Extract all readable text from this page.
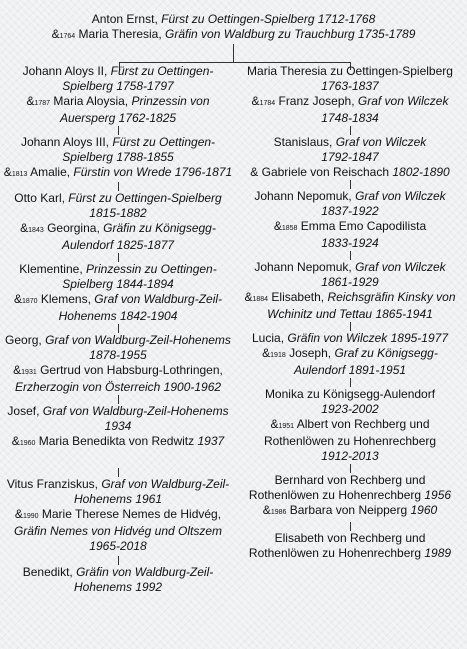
Anton Ernst, Fürst zu Oettingen-Spielberg 1712-1768
&1764 Maria Theresia, Gräfin von Waldburg zu Trauchburg 1735-1789
Johann Aloys II, Fürst zu Oettingen-
Spielberg 1758-1797
&1787 Maria Aloysia, Prinzessin von
Auersperg 1762-1825
Johann Aloys III, Fürst zu Oettingen-
Spielberg 1788-1855
&1813 Amalie, Fürstin von Wrede 1796-1871
Otto Karl, Fürst zu Oettingen-Spielberg
1815-1882
&1843 Georgina, Gräfin zu Königsegg-
Aulendorf 1825-1877
Klementine, Prinzessin zu Oettingen-
Spielberg 1844-1894
&1870 Klemens, Graf von Waldburg-Zeil-
Hohenems 1842-1904
Georg, Graf von Waldburg-Zeil-Hohenems
1878-1955
&1931 Gertrud von Habsburg-Lothringen,
Erzherzogin von Österreich 1900-1962
Josef, Graf von Waldburg-Zeil-Hohenems
1934
&1960 Maria Benedikta von Redwitz 1937
Vitus Franziskus, Graf von Waldburg-Zeil-
Hohenems 1961
&1990 Marie Therese Nemes de Hidvég,
Gräfin Nemes von Hidvég und Oltszem
1965-2018
Benedikt, Gräfin von Waldburg-Zeil-
Hohenems 1992
Maria Theresia zu Oettingen-Spielberg
1763-1837
&1784 Franz Joseph, Graf von Wilczek
1748-1834
Stanislaus, Graf von Wilczek
1792-1847
& Gabriele von Reischach 1802-1890
Johann Nepomuk, Graf von Wilczek
1837-1922
&1858 Emma Emo Capodilista
1833-1924
Johann Nepomuk, Graf von Wilczek
1861-1929
&1884 Elisabeth, Reichsgräfin Kinsky von
Wchinitz und Tettau 1865-1941
Lucia, Gräfin von Wilczek 1895-1977
&1918 Joseph, Graf zu Königsegg-
Aulendorf 1891-1951
Monika zu Königsegg-Aulendorf
1923-2002
&1951 Albert von Rechberg und
Rothenlöwen zu Hohenrechberg
1912-2013
Bernhard von Rechberg und
Rothenlöwen zu Hohenrechberg 1956
&1986 Barbara von Neipperg 1960
Elisabeth von Rechberg und
Rothenlöwen zu Hohenrechberg 1989
